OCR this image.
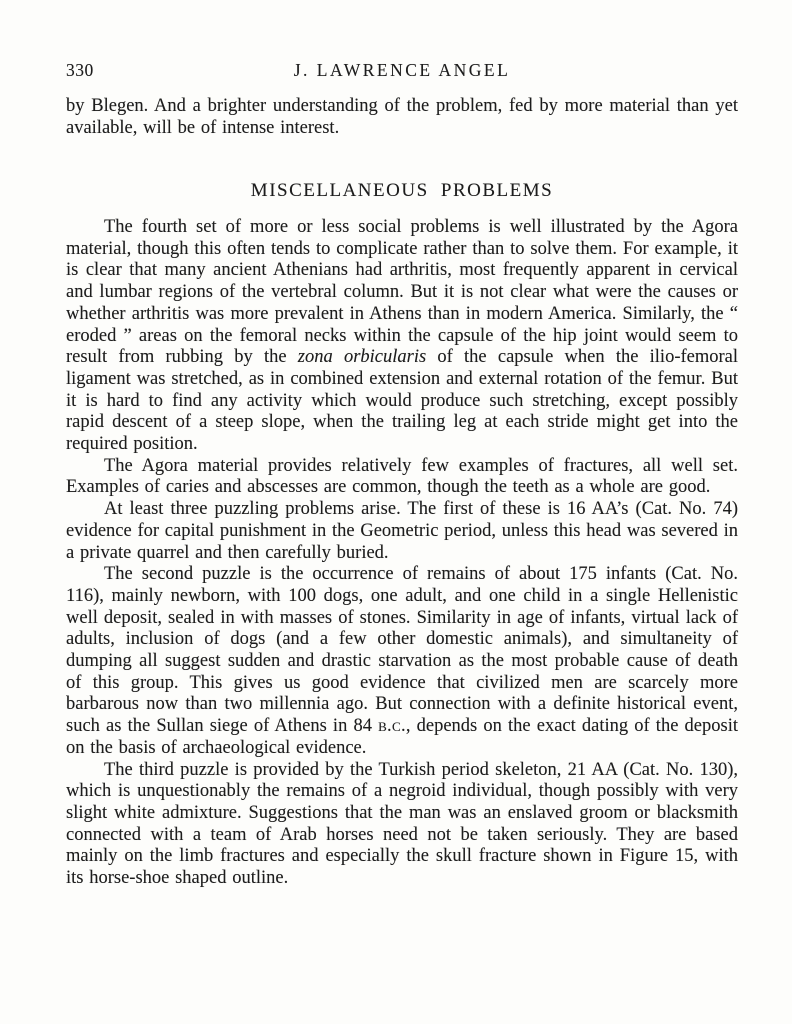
330	J. LAWRENCE ANGEL

by Blegen. And a brighter understanding of the problem, fed by more material than yet available, will be of intense interest.

MISCELLANEOUS PROBLEMS

The fourth set of more or less social problems is well illustrated by the Agora material, though this often tends to complicate rather than to solve them. For example, it is clear that many ancient Athenians had arthritis, most frequently apparent in cervical and lumbar regions of the vertebral column. But it is not clear what were the causes or whether arthritis was more prevalent in Athens than in modern America. Similarly, the “ eroded ” areas on the femoral necks within the capsule of the hip joint would seem to result from rubbing by the zona orbicularis of the capsule when the ilio-femoral ligament was stretched, as in combined extension and external rotation of the femur. But it is hard to find any activity which would produce such stretching, except possibly rapid descent of a steep slope, when the trailing leg at each stride might get into the required position.

The Agora material provides relatively few examples of fractures, all well set. Examples of caries and abscesses are common, though the teeth as a whole are good.

At least three puzzling problems arise. The first of these is 16 AA’s (Cat. No. 74) evidence for capital punishment in the Geometric period, unless this head was severed in a private quarrel and then carefully buried.

The second puzzle is the occurrence of remains of about 175 infants (Cat. No. 116), mainly newborn, with 100 dogs, one adult, and one child in a single Hellenistic well deposit, sealed in with masses of stones. Similarity in age of infants, virtual lack of adults, inclusion of dogs (and a few other domestic animals), and simultaneity of dumping all suggest sudden and drastic starvation as the most probable cause of death of this group. This gives us good evidence that civilized men are scarcely more barbarous now than two millennia ago. But connection with a definite historical event, such as the Sullan siege of Athens in 84 b.c., depends on the exact dating of the deposit on the basis of archaeological evidence.

The third puzzle is provided by the Turkish period skeleton, 21 AA (Cat. No. 130), which is unquestionably the remains of a negroid individual, though possibly with very slight white admixture. Suggestions that the man was an enslaved groom or blacksmith connected with a team of Arab horses need not be taken seriously. They are based mainly on the limb fractures and especially the skull fracture shown in Figure 15, with its horse-shoe shaped outline.
